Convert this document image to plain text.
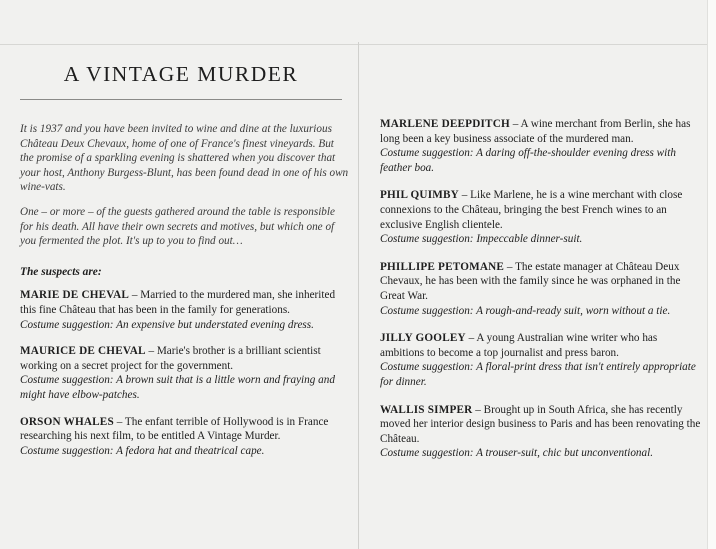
A VINTAGE MURDER

It is 1937 and you have been invited to wine and dine at the luxurious Château Deux Chevaux, home of one of France's finest vineyards. But the promise of a sparkling evening is shattered when you discover that your host, Anthony Burgess-Blunt, has been found dead in one of his own wine-vats.

One – or more – of the guests gathered around the table is responsible for his death. All have their own secrets and motives, but which one of you fermented the plot. It's up to you to find out…

The suspects are:

MARIE DE CHEVAL – Married to the murdered man, she inherited this fine Château that has been in the family for generations.
Costume suggestion: An expensive but understated evening dress.

MAURICE DE CHEVAL – Marie's brother is a brilliant scientist working on a secret project for the government.
Costume suggestion: A brown suit that is a little worn and fraying and might have elbow-patches.

ORSON WHALES – The enfant terrible of Hollywood is in France researching his next film, to be entitled A Vintage Murder.
Costume suggestion: A fedora hat and theatrical cape.

MARLENE DEEPDITCH – A wine merchant from Berlin, she has long been a key business associate of the murdered man.
Costume suggestion: A daring off-the-shoulder evening dress with feather boa.

PHIL QUIMBY – Like Marlene, he is a wine merchant with close connexions to the Château, bringing the best French wines to an exclusive English clientele.
Costume suggestion: Impeccable dinner-suit.

PHILLIPE PETOMANE – The estate manager at Château Deux Chevaux, he has been with the family since he was orphaned in the Great War.
Costume suggestion: A rough-and-ready suit, worn without a tie.

JILLY GOOLEY – A young Australian wine writer who has ambitions to become a top journalist and press baron.
Costume suggestion: A floral-print dress that isn't entirely appropriate for dinner.

WALLIS SIMPER – Brought up in South Africa, she has recently moved her interior design business to Paris and has been renovating the Château.
Costume suggestion: A trouser-suit, chic but unconventional.
